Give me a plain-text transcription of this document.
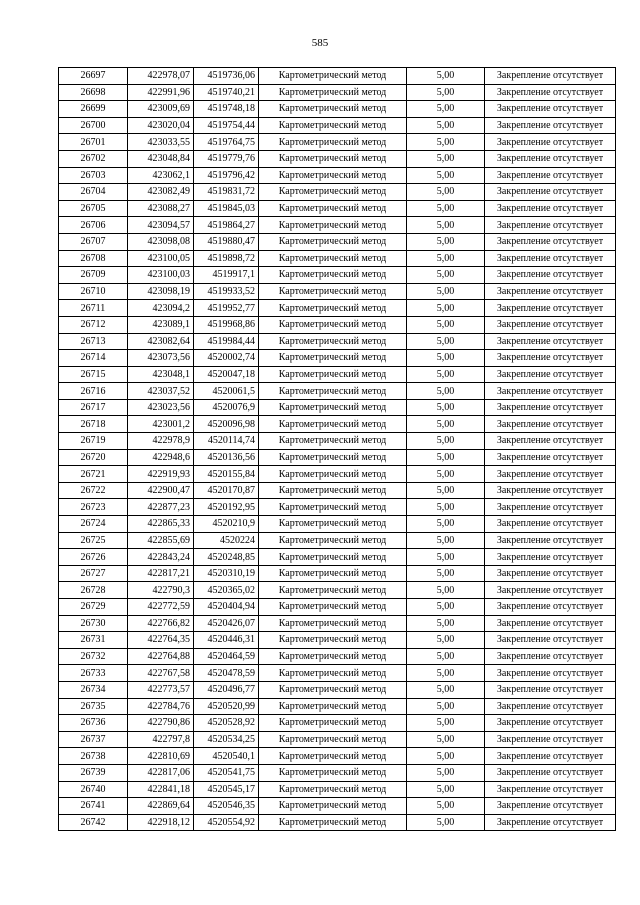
585
26697	422978,07	4519736,06	Картометрический метод	5,00	Закрепление отсутствует
26698	422991,96	4519740,21	Картометрический метод	5,00	Закрепление отсутствует
26699	423009,69	4519748,18	Картометрический метод	5,00	Закрепление отсутствует
26700	423020,04	4519754,44	Картометрический метод	5,00	Закрепление отсутствует
26701	423033,55	4519764,75	Картометрический метод	5,00	Закрепление отсутствует
26702	423048,84	4519779,76	Картометрический метод	5,00	Закрепление отсутствует
26703	423062,1	4519796,42	Картометрический метод	5,00	Закрепление отсутствует
26704	423082,49	4519831,72	Картометрический метод	5,00	Закрепление отсутствует
26705	423088,27	4519845,03	Картометрический метод	5,00	Закрепление отсутствует
26706	423094,57	4519864,27	Картометрический метод	5,00	Закрепление отсутствует
26707	423098,08	4519880,47	Картометрический метод	5,00	Закрепление отсутствует
26708	423100,05	4519898,72	Картометрический метод	5,00	Закрепление отсутствует
26709	423100,03	4519917,1	Картометрический метод	5,00	Закрепление отсутствует
26710	423098,19	4519933,52	Картометрический метод	5,00	Закрепление отсутствует
26711	423094,2	4519952,77	Картометрический метод	5,00	Закрепление отсутствует
26712	423089,1	4519968,86	Картометрический метод	5,00	Закрепление отсутствует
26713	423082,64	4519984,44	Картометрический метод	5,00	Закрепление отсутствует
26714	423073,56	4520002,74	Картометрический метод	5,00	Закрепление отсутствует
26715	423048,1	4520047,18	Картометрический метод	5,00	Закрепление отсутствует
26716	423037,52	4520061,5	Картометрический метод	5,00	Закрепление отсутствует
26717	423023,56	4520076,9	Картометрический метод	5,00	Закрепление отсутствует
26718	423001,2	4520096,98	Картометрический метод	5,00	Закрепление отсутствует
26719	422978,9	4520114,74	Картометрический метод	5,00	Закрепление отсутствует
26720	422948,6	4520136,56	Картометрический метод	5,00	Закрепление отсутствует
26721	422919,93	4520155,84	Картометрический метод	5,00	Закрепление отсутствует
26722	422900,47	4520170,87	Картометрический метод	5,00	Закрепление отсутствует
26723	422877,23	4520192,95	Картометрический метод	5,00	Закрепление отсутствует
26724	422865,33	4520210,9	Картометрический метод	5,00	Закрепление отсутствует
26725	422855,69	4520224	Картометрический метод	5,00	Закрепление отсутствует
26726	422843,24	4520248,85	Картометрический метод	5,00	Закрепление отсутствует
26727	422817,21	4520310,19	Картометрический метод	5,00	Закрепление отсутствует
26728	422790,3	4520365,02	Картометрический метод	5,00	Закрепление отсутствует
26729	422772,59	4520404,94	Картометрический метод	5,00	Закрепление отсутствует
26730	422766,82	4520426,07	Картометрический метод	5,00	Закрепление отсутствует
26731	422764,35	4520446,31	Картометрический метод	5,00	Закрепление отсутствует
26732	422764,88	4520464,59	Картометрический метод	5,00	Закрепление отсутствует
26733	422767,58	4520478,59	Картометрический метод	5,00	Закрепление отсутствует
26734	422773,57	4520496,77	Картометрический метод	5,00	Закрепление отсутствует
26735	422784,76	4520520,99	Картометрический метод	5,00	Закрепление отсутствует
26736	422790,86	4520528,92	Картометрический метод	5,00	Закрепление отсутствует
26737	422797,8	4520534,25	Картометрический метод	5,00	Закрепление отсутствует
26738	422810,69	4520540,1	Картометрический метод	5,00	Закрепление отсутствует
26739	422817,06	4520541,75	Картометрический метод	5,00	Закрепление отсутствует
26740	422841,18	4520545,17	Картометрический метод	5,00	Закрепление отсутствует
26741	422869,64	4520546,35	Картометрический метод	5,00	Закрепление отсутствует
26742	422918,12	4520554,92	Картометрический метод	5,00	Закрепление отсутствует
